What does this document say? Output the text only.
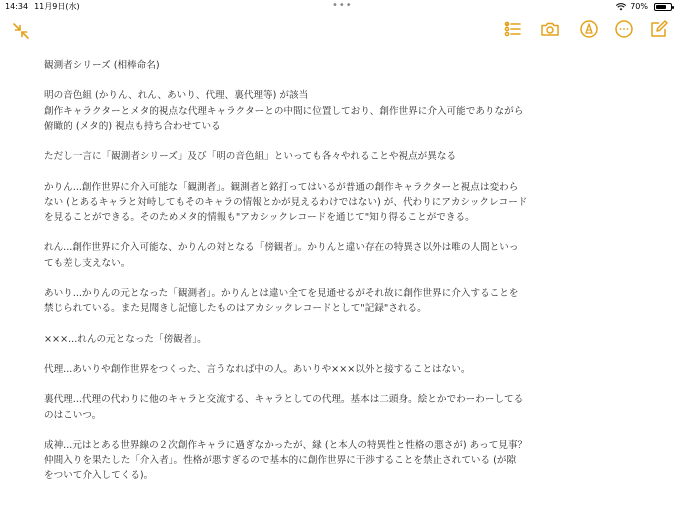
14:34 11月9日(水)	•••	70%

観測者シリーズ (相棒命名)

明の音色組 (かりん、れん、あいり、代理、裏代理等) が該当

創作キャラクターとメタ的視点な代理キャラクターとの中間に位置しており、創作世界に介入可能でありながら

俯瞰的 (メタ的) 視点も持ち合わせている

ただし一言に「観測者シリーズ」及び「明の音色組」といっても各々やれることや視点が異なる

かりん...創作世界に介入可能な「観測者」。観測者と銘打ってはいるが普通の創作キャラクターと視点は変わら

ない (とあるキャラと対峙してもそのキャラの情報とかが見えるわけではない) が、代わりにアカシックレコード

を見ることができる。そのためメタ的情報も"アカシックレコードを通じて"知り得ることができる。

れん...創作世界に介入可能な、かりんの対となる「傍観者」。かりんと違い存在の特異さ以外は唯の人間といっ

ても差し支えない。

あいり...かりんの元となった「観測者」。かりんとは違い全てを見通せるがそれ故に創作世界に介入することを

禁じられている。また見聞きし記憶したものはアカシックレコードとして"記録"される。

×××...れんの元となった「傍観者」。

代理...あいりや創作世界をつくった、言うなれば中の人。あいりや×××以外と接することはない。

裏代理...代理の代わりに他のキャラと交流する、キャラとしての代理。基本は二頭身。絵とかでわーわーしてる

のはこいつ。

成神...元はとある世界線の２次創作キャラに過ぎなかったが、縁 (と本人の特異性と性格の悪さが) あって見事？

仲間入りを果たした「介入者」。性格が悪すぎるので基本的に創作世界に干渉することを禁止されている (が隙

をついて介入してくる)。
